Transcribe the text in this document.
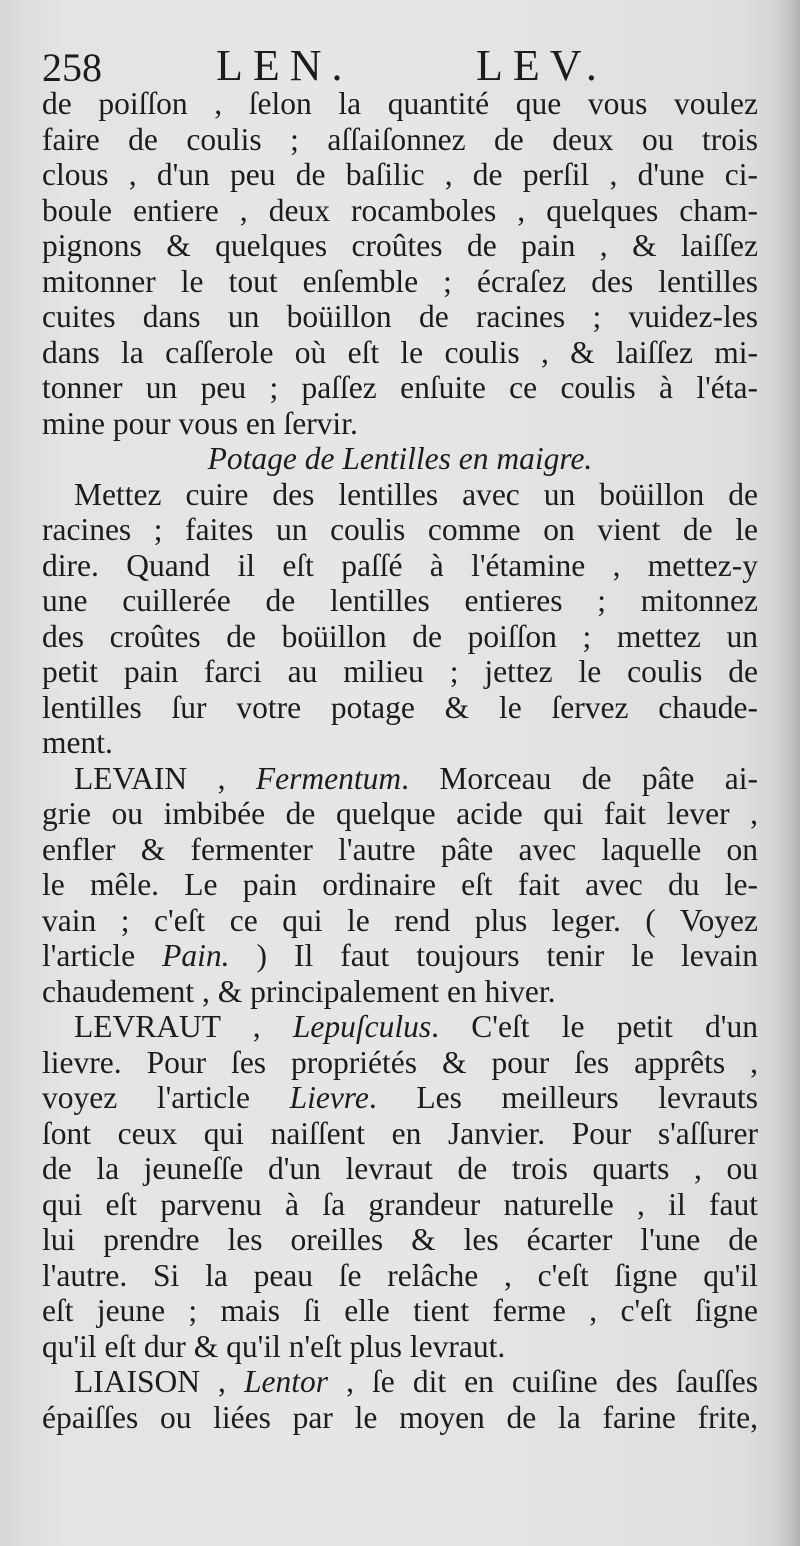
258	LEN.	LEV.
de poiſſon , ſelon la quantité que vous voulez
faire de coulis ; aſſaiſonnez de deux ou trois
clous , d'un peu de baſilic , de perſil , d'une ci-
boule entiere , deux rocamboles , quelques cham-
pignons & quelques croûtes de pain , & laiſſez
mitonner le tout enſemble ; écraſez des lentilles
cuites dans un boüillon de racines ; vuidez-les
dans la caſſerole où eſt le coulis , & laiſſez mi-
tonner un peu ; paſſez enſuite ce coulis à l'éta-
mine pour vous en ſervir.
Potage de Lentilles en maigre.
Mettez cuire des lentilles avec un boüillon de
racines ; faites un coulis comme on vient de le
dire. Quand il eſt paſſé à l'étamine , mettez-y
une cuillerée de lentilles entieres ; mitonnez
des croûtes de boüillon de poiſſon ; mettez un
petit pain farci au milieu ; jettez le coulis de
lentilles ſur votre potage & le ſervez chaude-
ment.
LEVAIN , Fermentum. Morceau de pâte ai-
grie ou imbibée de quelque acide qui fait lever ,
enfler & fermenter l'autre pâte avec laquelle on
le mêle. Le pain ordinaire eſt fait avec du le-
vain ; c'eſt ce qui le rend plus leger. ( Voyez
l'article Pain. ) Il faut toujours tenir le levain
chaudement , & principalement en hiver.
LEVRAUT , Lepuſculus. C'eſt le petit d'un
lievre. Pour ſes propriétés & pour ſes apprêts ,
voyez l'article Lievre. Les meilleurs levrauts
ſont ceux qui naiſſent en Janvier. Pour s'aſſurer
de la jeuneſſe d'un levraut de trois quarts , ou
qui eſt parvenu à ſa grandeur naturelle , il faut
lui prendre les oreilles & les écarter l'une de
l'autre. Si la peau ſe relâche , c'eſt ſigne qu'il
eſt jeune ; mais ſi elle tient ferme , c'eſt ſigne
qu'il eſt dur & qu'il n'eſt plus levraut.
LIAISON , Lentor , ſe dit en cuiſine des ſauſſes
épaiſſes ou liées par le moyen de la farine frite,
